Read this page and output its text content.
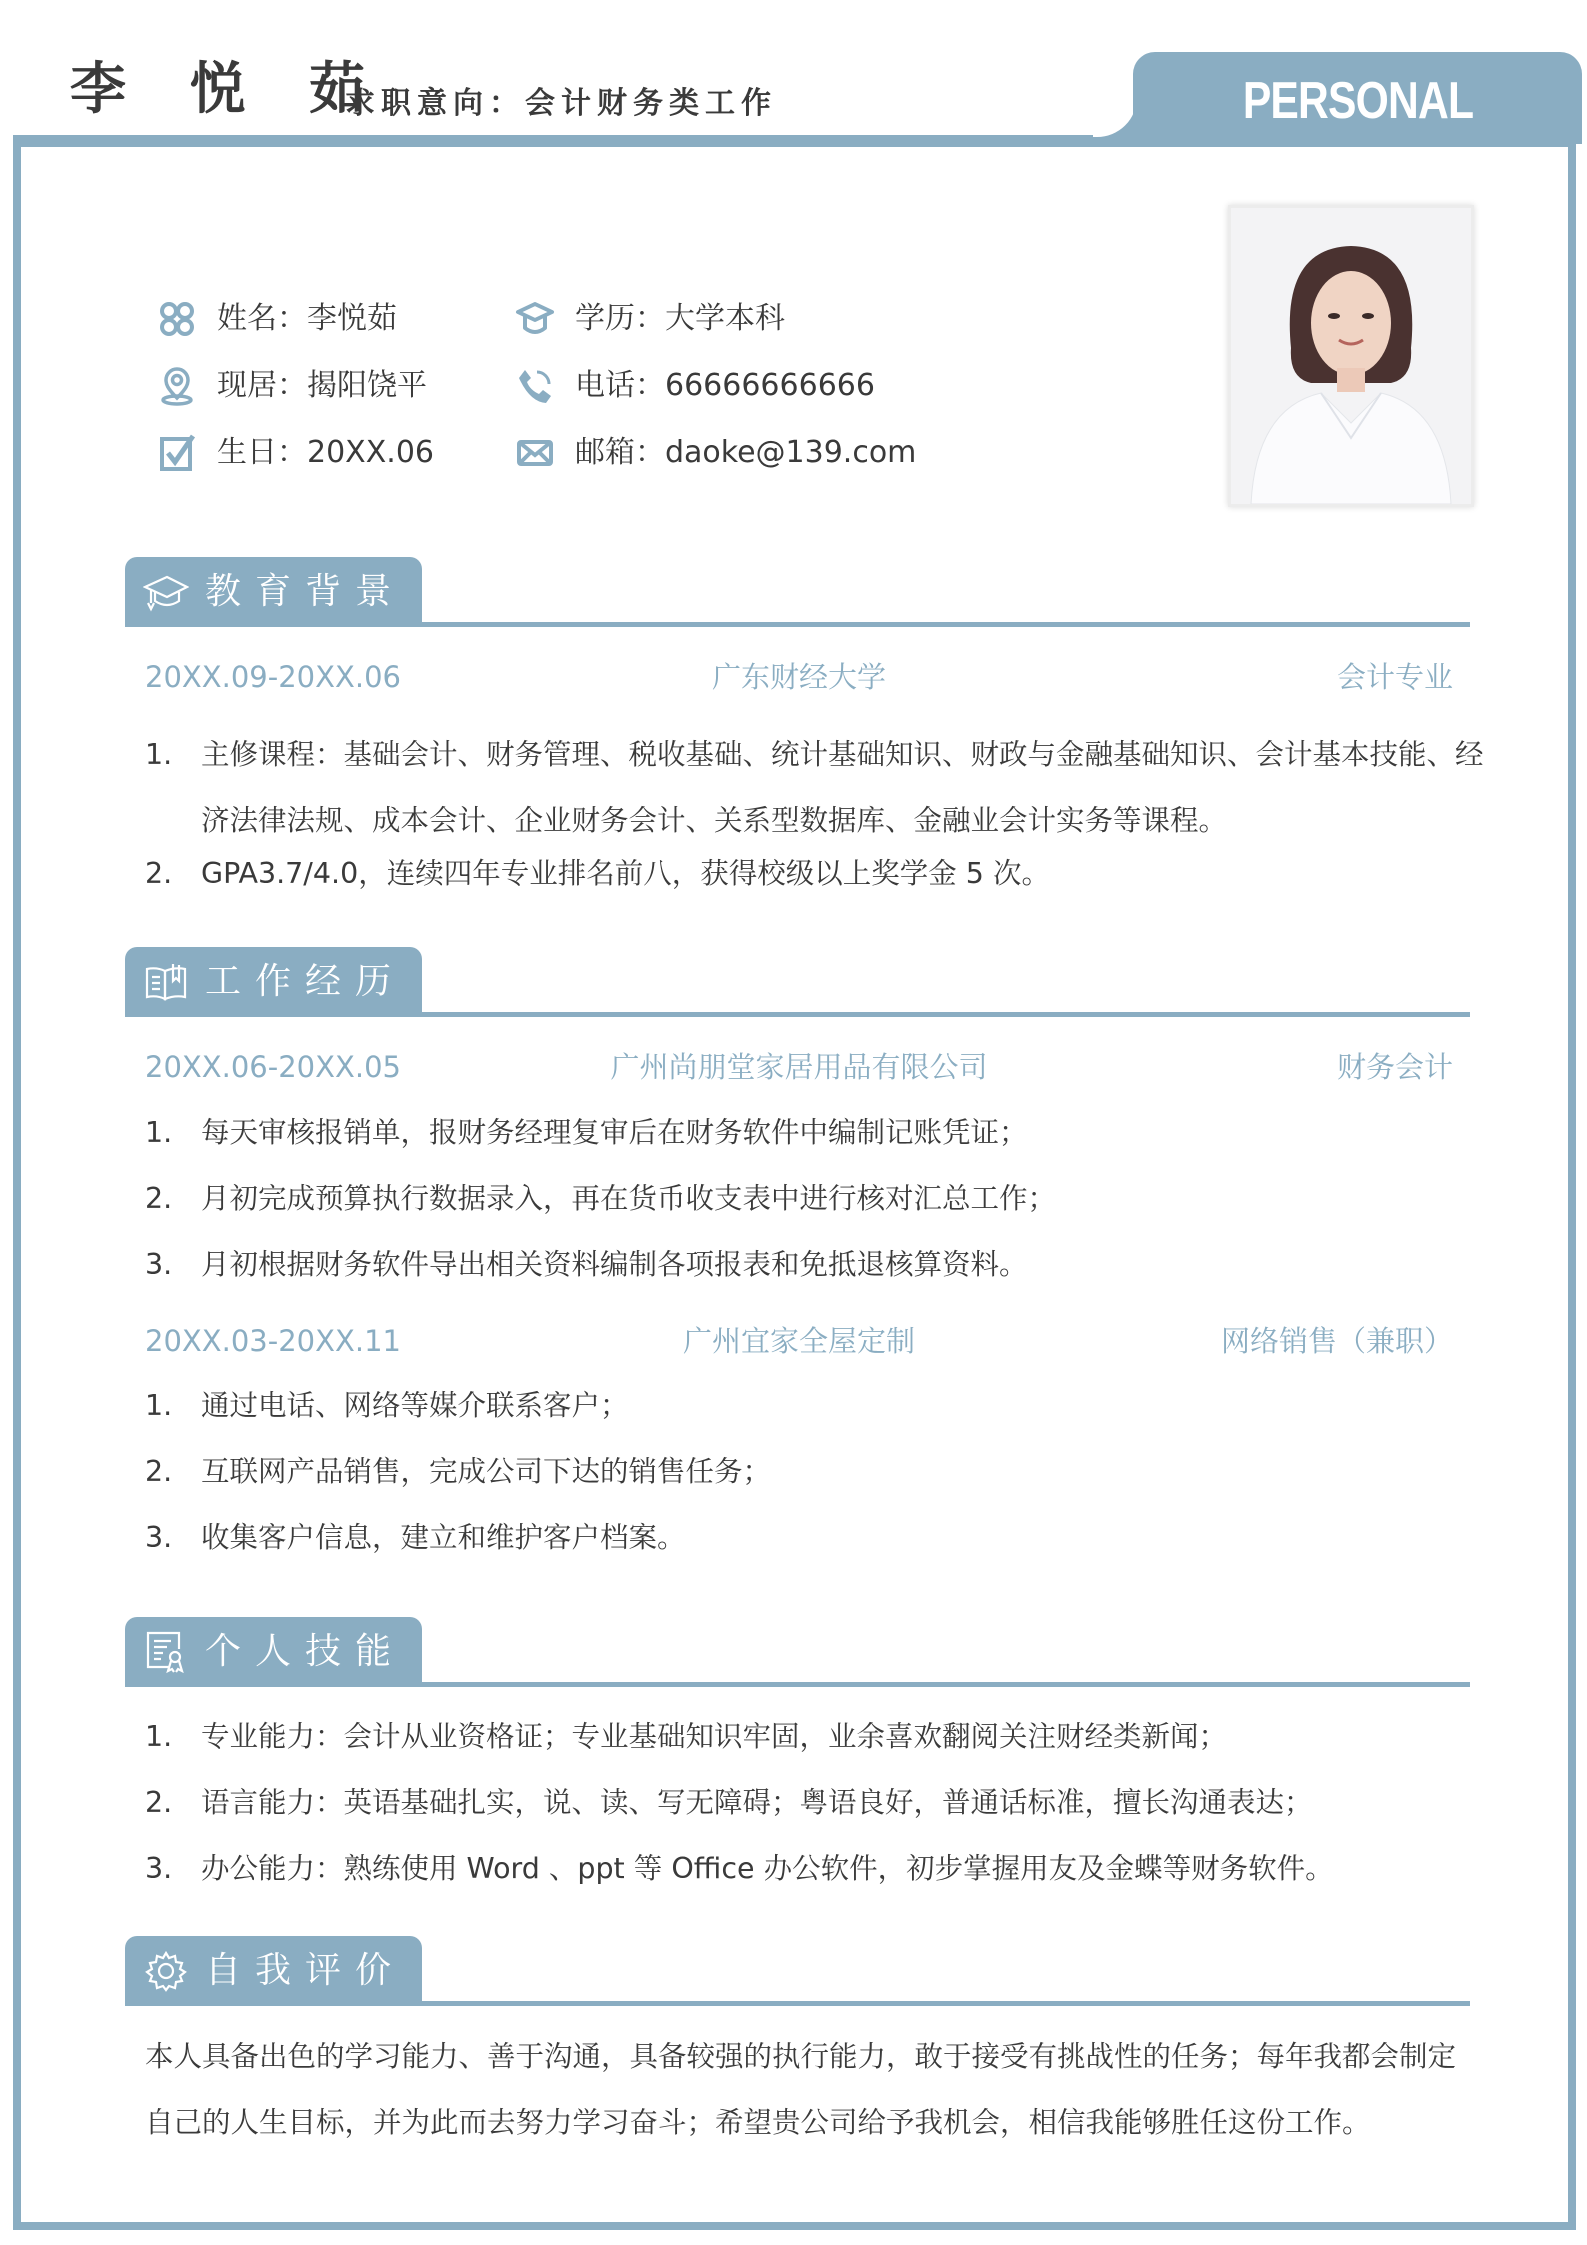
PERSONAL RESUME
李 悦 茹
求职意向：会计财务类工作
姓名：李悦茹	学历：大学本科
现居：揭阳饶平	电话：66666666666
生日：20XX.06	邮箱：daoke@139.com
教育背景
20XX.09-20XX.06	广东财经大学	会计专业
1.	主修课程：基础会计、财务管理、税收基础、统计基础知识、财政与金融基础知识、会计基本技能、经济法律法规、成本会计、企业财务会计、关系型数据库、金融业会计实务等课程。
2.	GPA3.7/4.0，连续四年专业排名前八，获得校级以上奖学金 5 次。
工作经历
20XX.06-20XX.05	广州尚朋堂家居用品有限公司	财务会计
1.	每天审核报销单，报财务经理复审后在财务软件中编制记账凭证；
2.	月初完成预算执行数据录入，再在货币收支表中进行核对汇总工作；
3.	月初根据财务软件导出相关资料编制各项报表和免抵退核算资料。
20XX.03-20XX.11	广州宜家全屋定制	网络销售（兼职）
1.	通过电话、网络等媒介联系客户；
2.	互联网产品销售，完成公司下达的销售任务；
3.	收集客户信息，建立和维护客户档案。
个人技能
1.	专业能力：会计从业资格证；专业基础知识牢固，业余喜欢翻阅关注财经类新闻；
2.	语言能力：英语基础扎实，说、读、写无障碍；粤语良好，普通话标准，擅长沟通表达；
3.	办公能力：熟练使用 Word 、ppt 等 Office 办公软件，初步掌握用友及金蝶等财务软件。
自我评价
本人具备出色的学习能力、善于沟通，具备较强的执行能力，敢于接受有挑战性的任务；每年我都会制定自己的人生目标，并为此而去努力学习奋斗；希望贵公司给予我机会，相信我能够胜任这份工作。
